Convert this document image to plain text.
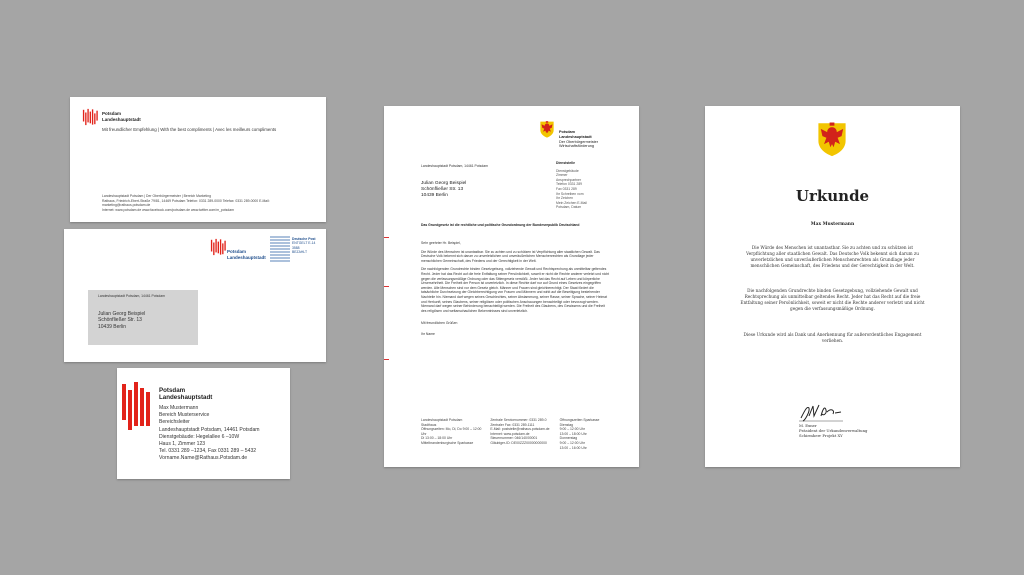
Potsdam
Landeshauptstadt
Mit freundlicher Empfehlung | With the best compliments | Avec les meilleurs compliments
Landeshauptstadt Potsdam | Der Oberbürgermeister | Bereich Marketing
Rathaus, Friedrich-Ebert-Straße 79/81, 14469 Potsdam Telefon: 0331 289-0000 Telefax: 0331 289-0000 E-Mail: marketing@rathaus.potsdam.de
Internet: www.potsdam.de www.facebook.com/potsdam.de www.twitter.com/m_potsdam
Potsdam
Landeshauptstadt
Deutsche Post
ENTGELT E-14 3588
BEZAHLT
Landeshauptstadt Potsdam, 14461 Potsdam
Julian Georg Beispiel
Schönfließer Str. 13
10439 Berlin
Potsdam
Landeshauptstadt
Max Mustermann
Bereich Musterservice
Bereichsleiter
Landeshauptstadt Potsdam, 14461 Potsdam
Dienstgebäude: Hegelallee 6 –10W
Haus 1, Zimmer 123
Tel. 0331 289 –1234, Fax 0331 289 – 5432
Vorname.Name@Rathaus.Potsdam.de
Potsdam
Landeshauptstadt
Der Oberbürgermeister
Wirtschaftsförderung
Landeshauptstadt Potsdam, 14461 Potsdam
Julian Georg Beispiel
Schönfließer Str. 13
10439 Berlin
Dienststelle
Dienstgebäude
Zimmer
Ansprechpartner
Telefon 0331 289
Fax 0331 289
Ihr Schreiben vom
Ihr Zeichen
Mein Zeichen E-Mail
Potsdam, Datum
Das Grundgesetz ist die rechtliche und politische Grundordnung der Bundesrepublik Deutschland

Sehr geehrter Hr. Beispiel,

Die Würde des Menschen ist unantastbar. Sie zu achten und zu schützen ist Verpflichtung aller staatlichen Gewalt. Das Deutsche Volk bekennt sich darum zu unverletzlichen und unveräußerlichen Menschenrechten als Grundlage jeder menschlichen Gemeinschaft, des Friedens und der Gerechtigkeit in der Welt.

Die nachfolgenden Grundrechte binden Gesetzgebung, vollziehende Gewalt und Rechtsprechung als unmittelbar geltendes Recht. Jeder hat das Recht auf die freie Entfaltung seiner Persönlichkeit, soweit er nicht die Rechte anderer verletzt und nicht gegen die verfassungsmäßige Ordnung oder das Sittengesetz verstößt. Jeder hat das Recht auf Leben und körperliche Unversehrtheit. Die Freiheit der Person ist unverletzlich. In diese Rechte darf nur auf Grund eines Gesetzes eingegriffen werden. Alle Menschen sind vor dem Gesetz gleich. Männer und Frauen sind gleichberechtigt. Der Staat fördert die tatsächliche Durchsetzung der Gleichberechtigung von Frauen und Männern und wirkt auf die Beseitigung bestehender Nachteile hin. Niemand darf wegen seines Geschlechtes, seiner Abstammung, seiner Rasse, seiner Sprache, seiner Heimat und Herkunft, seines Glaubens, seiner religiösen oder politischen Anschauungen benachteiligt oder bevorzugt werden. Niemand darf wegen seiner Behinderung benachteiligt werden. Die Freiheit des Glaubens, des Gewissens und die Freiheit des religiösen und weltanschaulichen Bekenntnisses sind unverletzlich.

Mit freundlichen Grüßen

Ihr Name

Landeshauptstadt Potsdam
Stadthaus
Öffnungszeiten: Mo, Di, Do 9:00 – 12:00 Uhr
Di 13:00 – 18:00 Uhr
Mittelbrandenburgische Sparkasse
Zentrale Servicenummer: 0331 289-0
Zentraler Fax: 0331 289-1111
E-Mail: poststelle@rathaus.potsdam.de
Internet: www.potsdam.de
Steuernummer: 046/140/00001
Gläubiger-ID: DE00ZZZ00000000000
Öffnungszeiten Sparkasse
Dienstag
9:00 – 12:00 Uhr
13:00 – 18:00 Uhr
Donnerstag
9:00 – 12:00 Uhr
13:00 – 16:00 Uhr
Urkunde
Max Mustermann
Die Würde des Menschen ist unantastbar. Sie zu achten und zu schützen ist Verpflichtung aller staatlichen Gewalt. Das Deutsche Volk bekennt sich darum zu unverletzlichen und unveräußerlichen Menschenrechten als Grundlage jeder menschlichen Gemeinschaft, des Friedens und der Gerechtigkeit in der Welt.
Die nachfolgenden Grundrechte binden Gesetzgebung, vollziehende Gewalt und Rechtsprechung als unmittelbar geltendes Recht. Jeder hat das Recht auf die freie Entfaltung seiner Persönlichkeit, soweit er nicht die Rechte anderer verletzt und nicht gegen die verfassungsmäßige Ordnung.
Diese Urkunde wird als Dank und Anerkennung für außerordentliches Engagement verliehen.
M. Exner
Präsident der Urkundenverwaltung
Schirmherr Projekt XY
